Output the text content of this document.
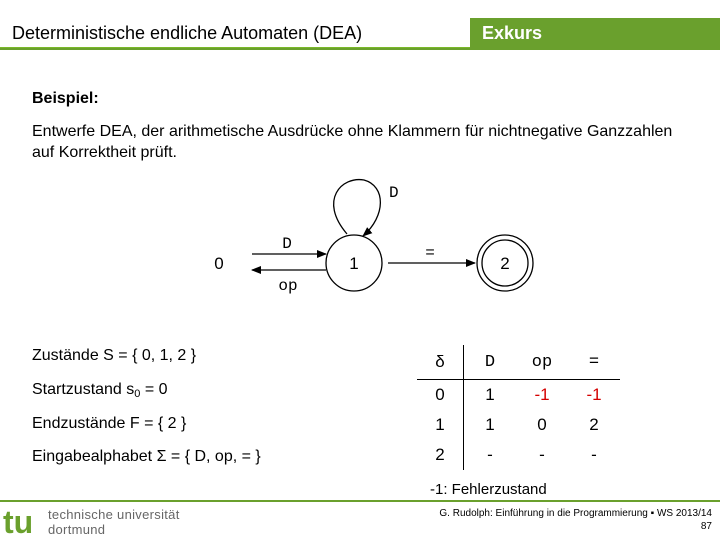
Deterministische endliche Automaten (DEA)	Exkurs
Beispiel:
Entwerfe DEA, der arithmetische Ausdrücke ohne Klammern für nichtnegative Ganzzahlen auf Korrektheit prüft.
0	1	2
D
D
op
=
Zustände S = { 0, 1, 2 }
Startzustand $s_0 = 0$
Endzustände F = { 2 }
Eingabealphabet Σ = { D, op, = }
δ	D	op	=
0	1	-1	-1
1	1	0	2
2	-	-	-
-1: Fehlerzustand
tu technische universität
dortmund
G. Rudolph: Einführung in die Programmierung ▪ WS 2013/14
87
